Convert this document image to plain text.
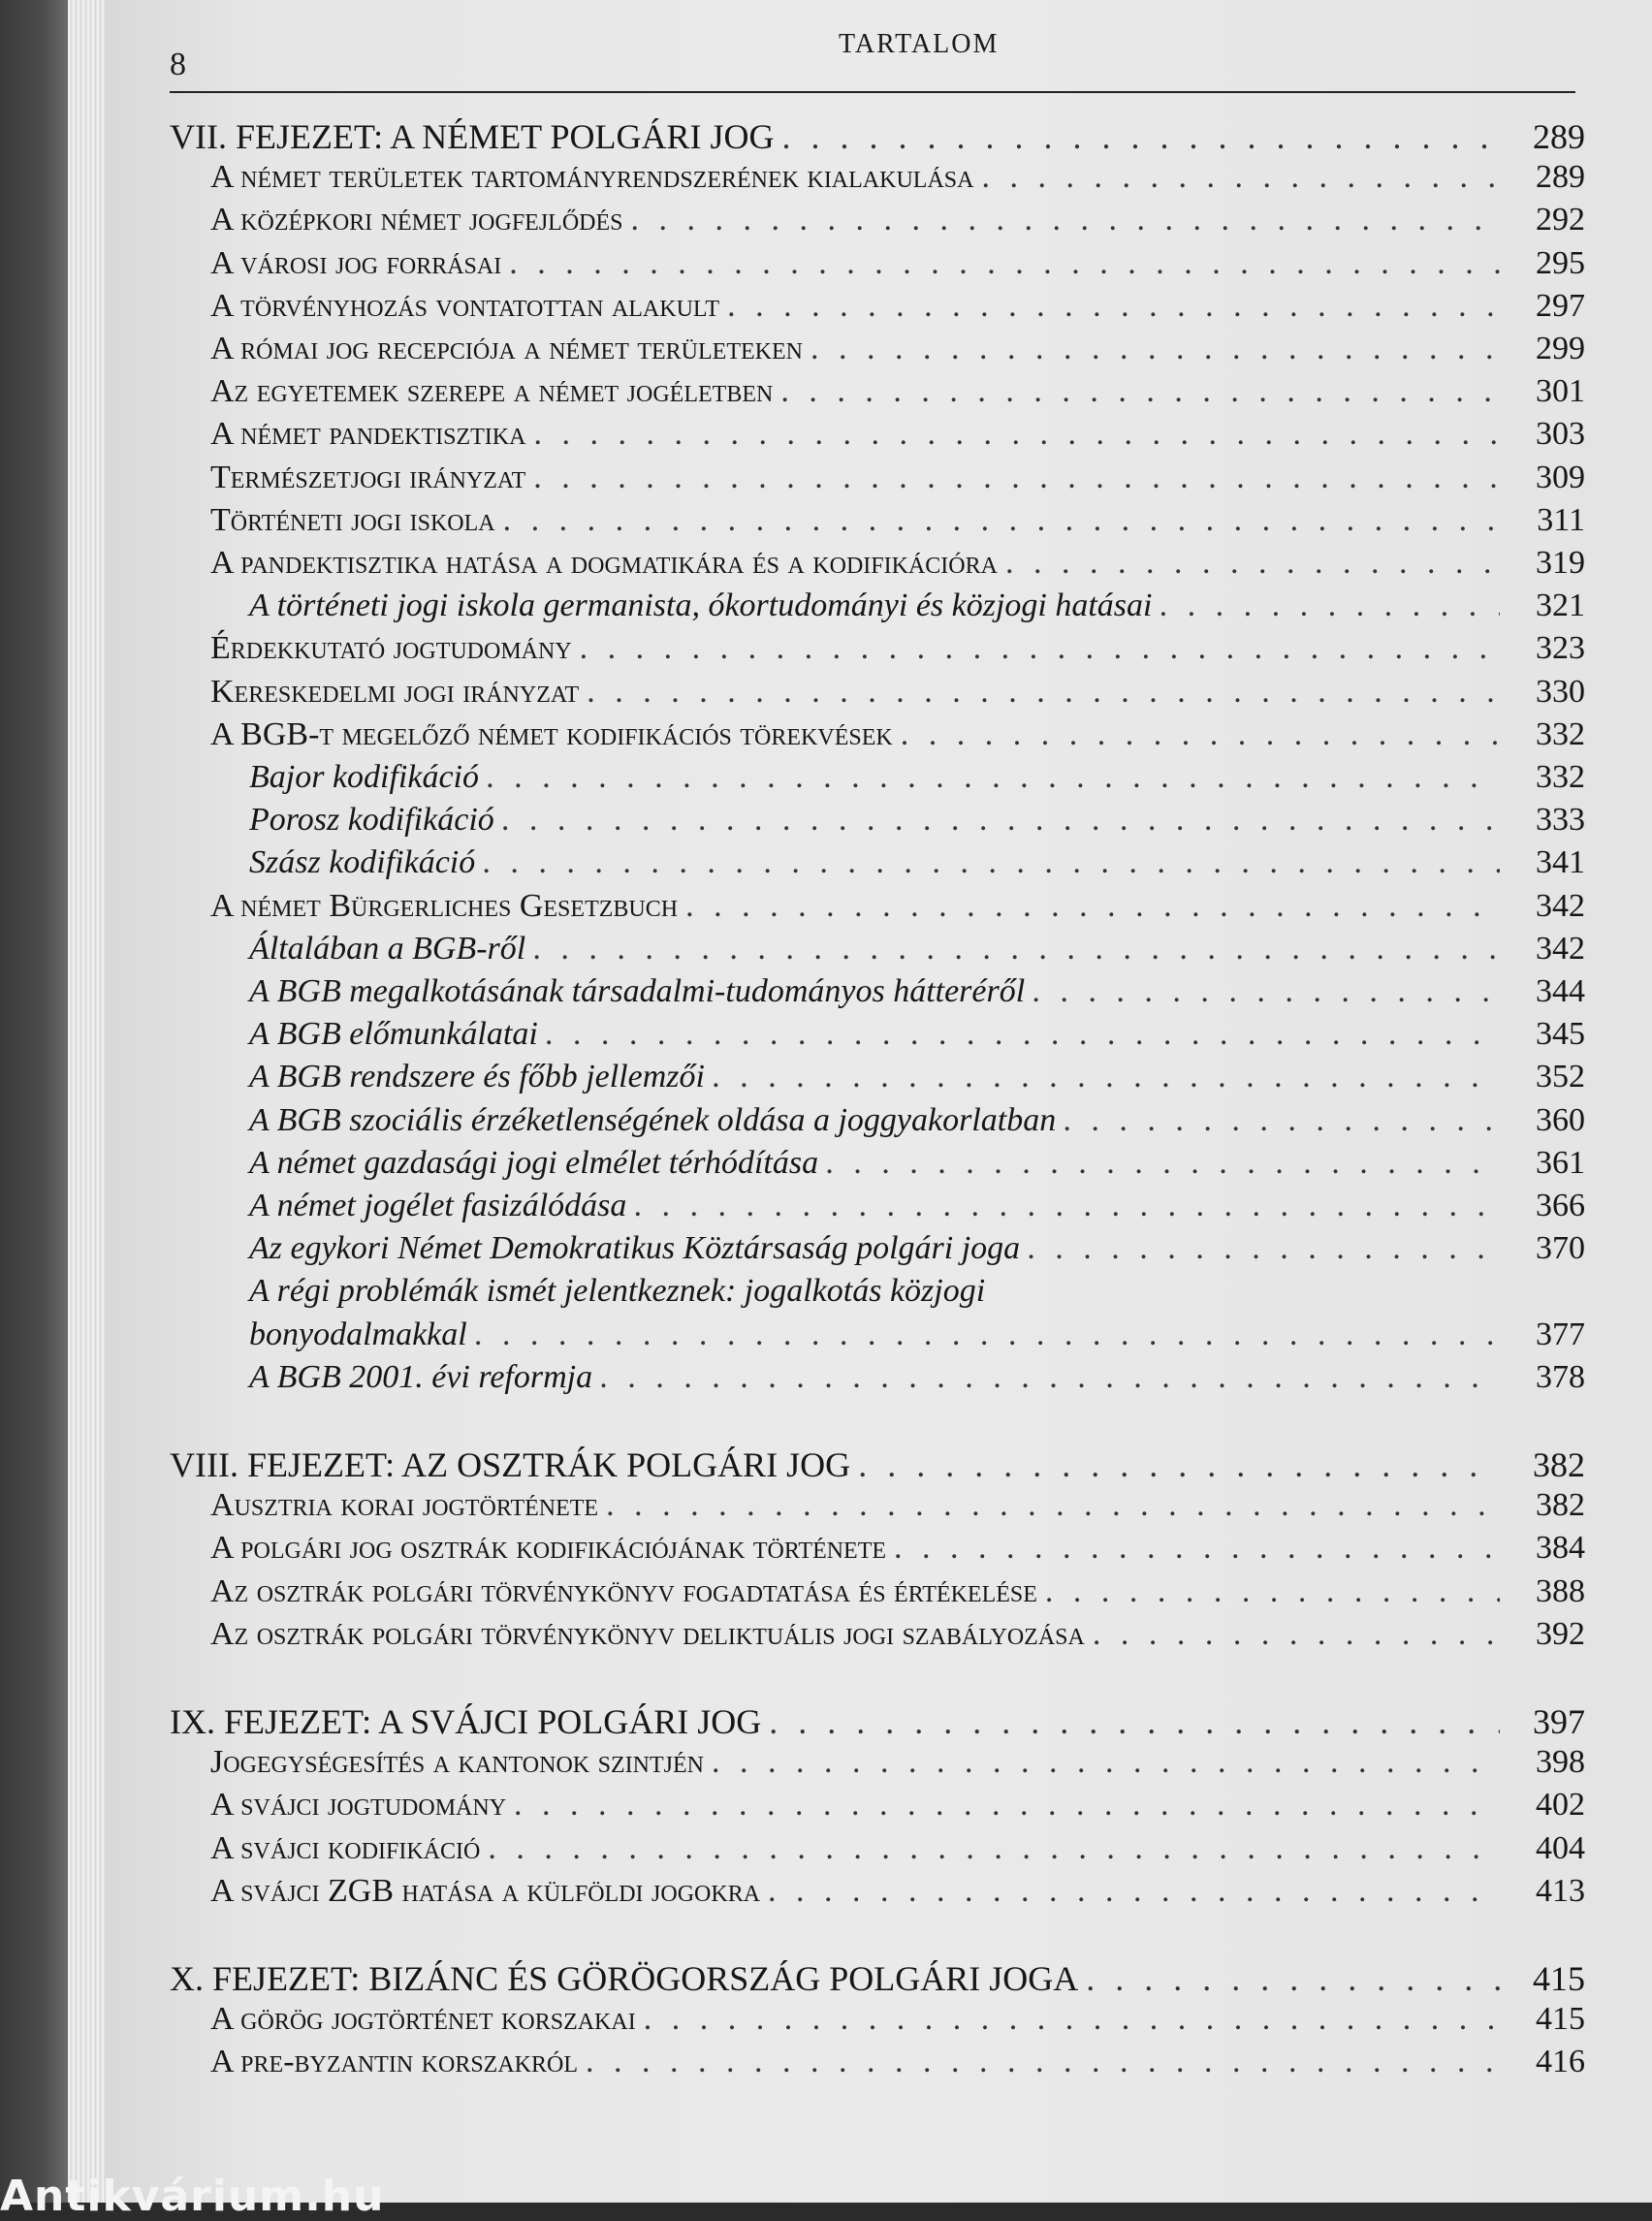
8
TARTALOM
VII. FEJEZET: A NÉMET POLGÁRI JOG . . .	289
A német területek tartományrendszerének kialakulása . . .	289
A középkori német jogfejlődés . . .	292
A városi jog forrásai . . .	295
A törvényhozás vontatottan alakult . . .	297
A római jog recepciója a német területeken . . .	299
Az egyetemek szerepe a német jogéletben . . .	301
A német pandektisztika . . .	303
Természetjogi irányzat . . .	309
Történeti jogi iskola . . .	311
A pandektisztika hatása a dogmatikára és a kodifikációra . . .	319
A történeti jogi iskola germanista, ókortudományi és közjogi hatásai . . .	321
Érdekkutató jogtudomány . . .	323
Kereskedelmi jogi irányzat . . .	330
A BGB-t megelőző német kodifikációs törekvések . . .	332
Bajor kodifikáció . . .	332
Porosz kodifikáció . . .	333
Szász kodifikáció . . .	341
A német Bürgerliches Gesetzbuch . . .	342
Általában a BGB-ről . . .	342
A BGB megalkotásának társadalmi-tudományos hátteréről . . .	344
A BGB előmunkálatai . . .	345
A BGB rendszere és főbb jellemzői . . .	352
A BGB szociális érzéketlenségének oldása a joggyakorlatban . . .	360
A német gazdasági jogi elmélet térhódítása . . .	361
A német jogélet fasizálódása . . .	366
Az egykori Német Demokratikus Köztársaság polgári joga . . .	370
A régi problémák ismét jelentkeznek: jogalkotás közjogi
bonyodalmakkal . . .	377
A BGB 2001. évi reformja . . .	378
VIII. FEJEZET: AZ OSZTRÁK POLGÁRI JOG . . .	382
Ausztria korai jogtörténete . . .	382
A polgári jog osztrák kodifikációjának története . . .	384
Az osztrák polgári törvénykönyv fogadtatása és értékelése . . .	388
Az osztrák polgári törvénykönyv deliktuális jogi szabályozása . . .	392
IX. FEJEZET: A SVÁJCI POLGÁRI JOG . . .	397
Jogegységesítés a kantonok szintjén . . .	398
A svájci jogtudomány . . .	402
A svájci kodifikáció . . .	404
A svájci ZGB hatása a külföldi jogokra . . .	413
X. FEJEZET: BIZÁNC ÉS GÖRÖGORSZÁG POLGÁRI JOGA . . .	415
A görög jogtörténet korszakai . . .	415
A pre-byzantin korszakról . . .	416
Antikvárium.hu
